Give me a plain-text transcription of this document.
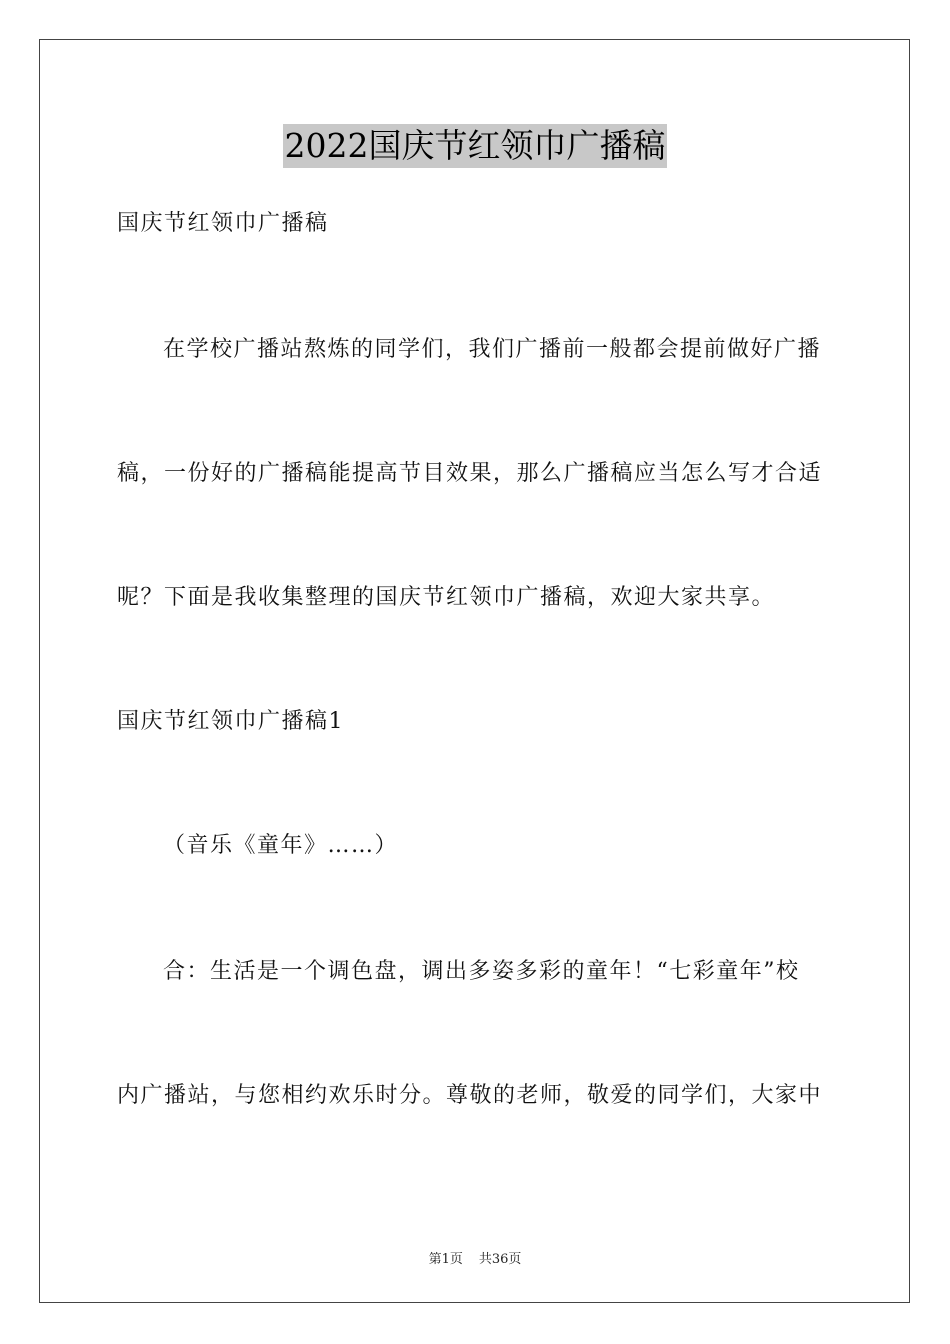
2022国庆节红领巾广播稿
国庆节红领巾广播稿
在学校广播站熬炼的同学们，我们广播前一般都会提前做好广播
稿，一份好的广播稿能提高节目效果，那么广播稿应当怎么写才合适
呢？下面是我收集整理的国庆节红领巾广播稿，欢迎大家共享。
国庆节红领巾广播稿1
（音乐《童年》……）
合：生活是一个调色盘，调出多姿多彩的童年！“七彩童年”校
内广播站，与您相约欢乐时分。尊敬的老师，敬爱的同学们，大家中
第1页 共36页
